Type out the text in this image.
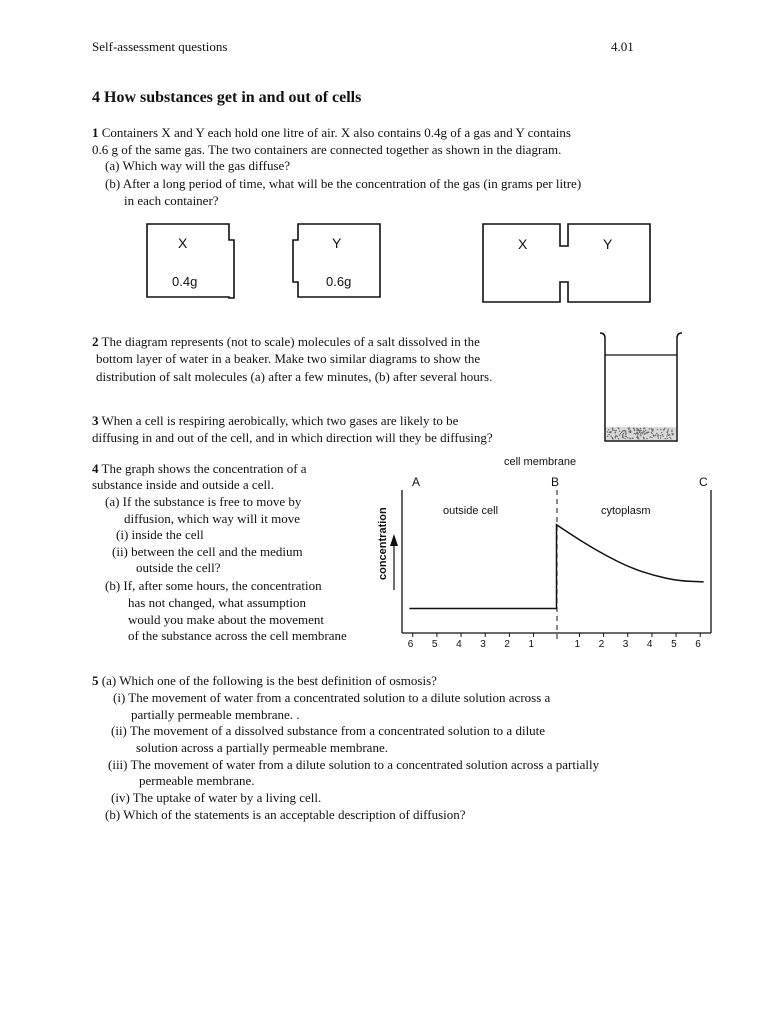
Self-assessment questions	4.01
4 How substances get in and out of cells
1 Containers X and Y each hold one litre of air. X also contains 0.4g of a gas and Y contains
0.6 g of the same gas. The two containers are connected together as shown in the diagram.
(a) Which way will the gas diffuse?
(b) After a long period of time, what will be the concentration of the gas (in grams per litre)
in each container?
X
0.4g
Y
0.6g
X	Y
2 The diagram represents (not to scale) molecules of a salt dissolved in the
bottom layer of water in a beaker. Make two similar diagrams to show the
distribution of salt molecules (a) after a few minutes, (b) after several hours.
3 When a cell is respiring aerobically, which two gases are likely to be
diffusing in and out of the cell, and in which direction will they be diffusing?
4 The graph shows the concentration of a
substance inside and outside a cell.
(a) If the substance is free to move by
diffusion, which way will it move
(i) inside the cell
(ii) between the cell and the medium
outside the cell?
(b) If, after some hours, the concentration
has not changed, what assumption
would you make about the movement
of the substance across the cell membrane
cell membrane
A	B	C
outside cell	cytoplasm
concentration
6 5 4 3 2 1	1 2 3 4 5 6
5 (a) Which one of the following is the best definition of osmosis?
(i) The movement of water from a concentrated solution to a dilute solution across a
partially permeable membrane. .
(ii) The movement of a dissolved substance from a concentrated solution to a dilute
solution across a partially permeable membrane.
(iii) The movement of water from a dilute solution to a concentrated solution across a partially
permeable membrane.
(iv) The uptake of water by a living cell.
(b) Which of the statements is an acceptable description of diffusion?
